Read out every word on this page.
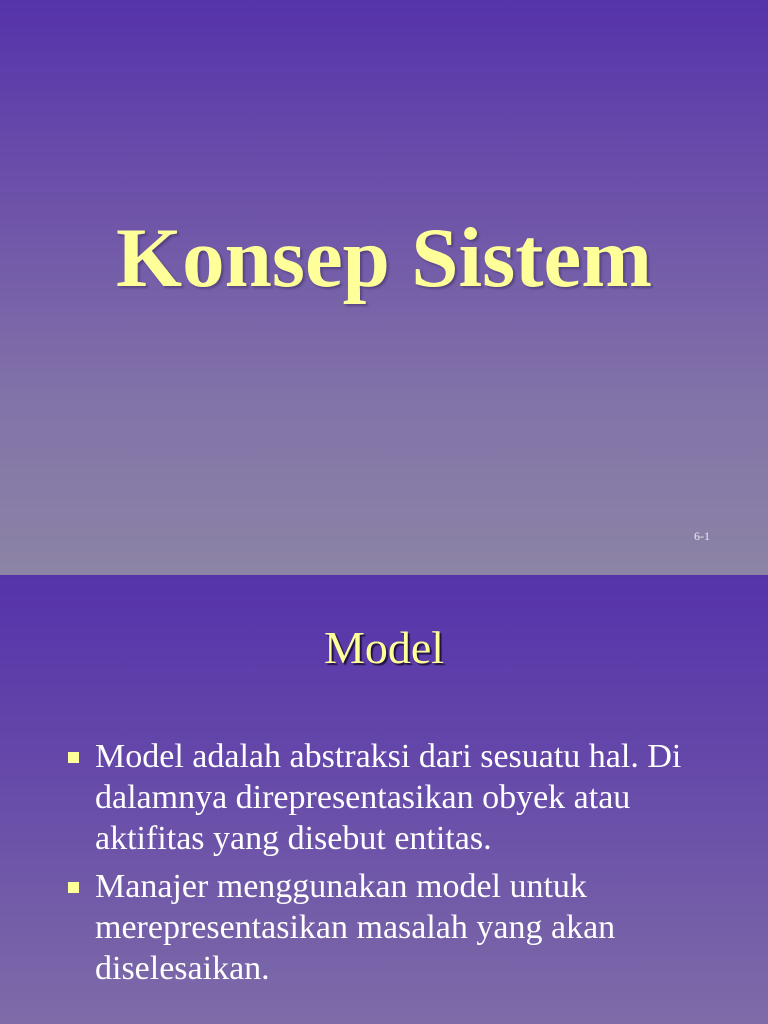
Konsep Sistem
6-1
Model
Model adalah abstraksi dari sesuatu hal. Di dalamnya direpresentasikan obyek atau aktifitas yang disebut entitas.
Manajer menggunakan model untuk merepresentasikan masalah yang akan diselesaikan.
